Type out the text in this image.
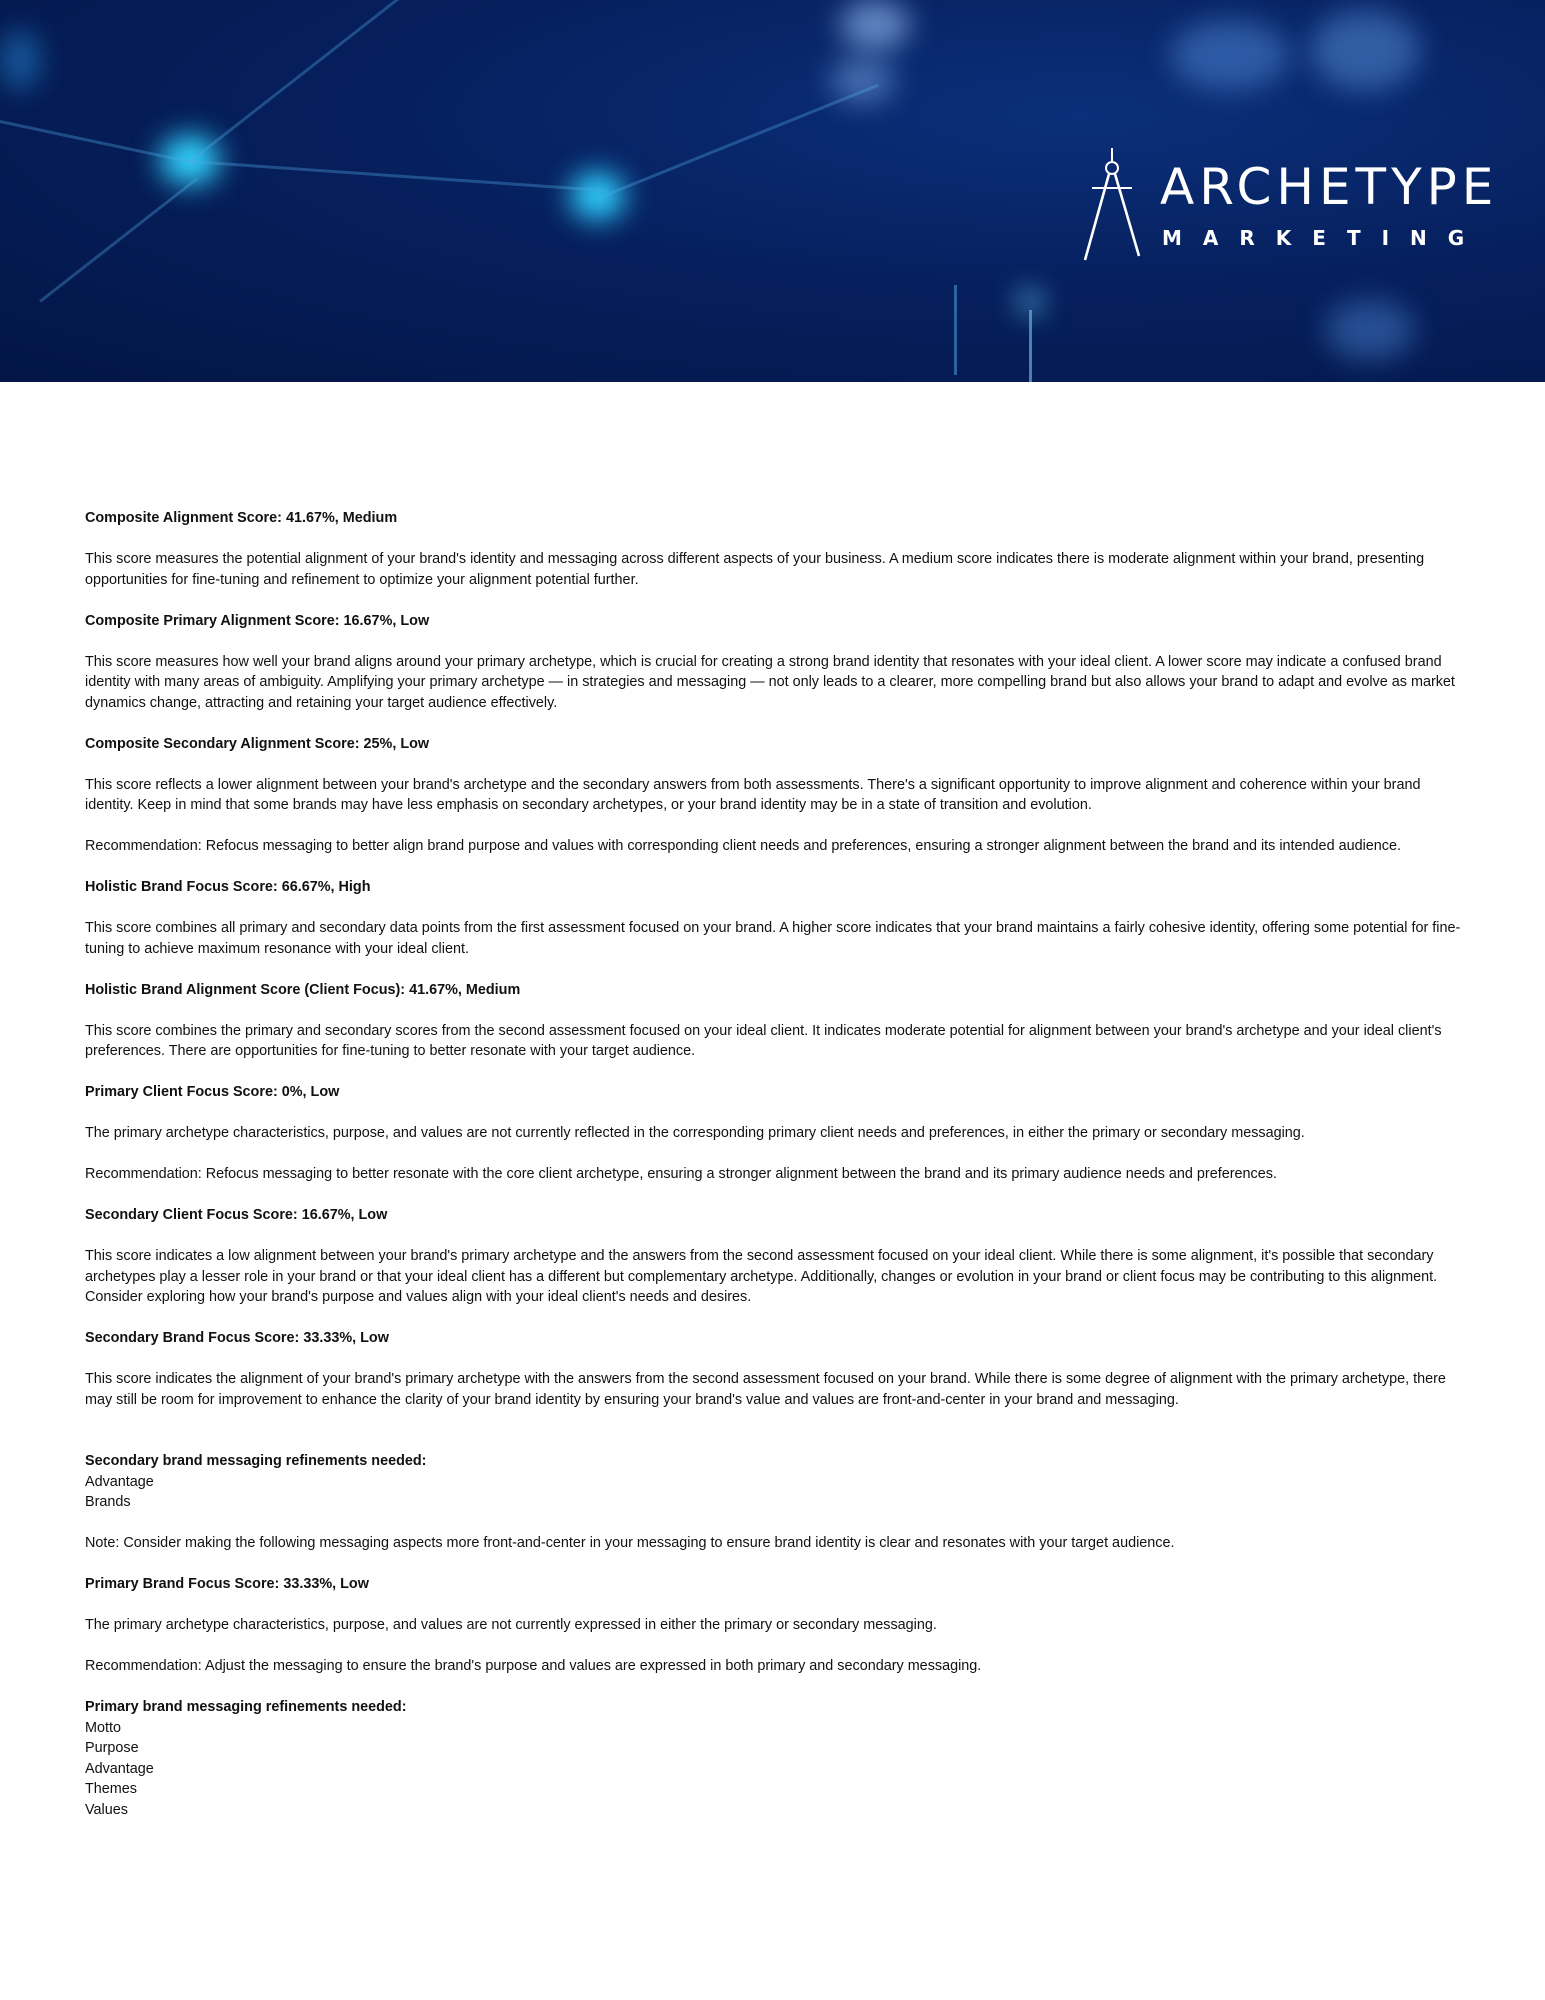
ARCHETYPE
MARKETING
Composite Alignment Score: 41.67%, Medium

This score measures the potential alignment of your brand's identity and messaging across different aspects of your business. A medium score indicates there is moderate alignment within your brand, presenting opportunities for fine-tuning and refinement to optimize your alignment potential further.

Composite Primary Alignment Score: 16.67%, Low

This score measures how well your brand aligns around your primary archetype, which is crucial for creating a strong brand identity that resonates with your ideal client. A lower score may indicate a confused brand identity with many areas of ambiguity. Amplifying your primary archetype — in strategies and messaging — not only leads to a clearer, more compelling brand but also allows your brand to adapt and evolve as market dynamics change, attracting and retaining your target audience effectively.

Composite Secondary Alignment Score: 25%, Low

This score reflects a lower alignment between your brand's archetype and the secondary answers from both assessments. There's a significant opportunity to improve alignment and coherence within your brand identity. Keep in mind that some brands may have less emphasis on secondary archetypes, or your brand identity may be in a state of transition and evolution.

Recommendation: Refocus messaging to better align brand purpose and values with corresponding client needs and preferences, ensuring a stronger alignment between the brand and its intended audience.

Holistic Brand Focus Score: 66.67%, High

This score combines all primary and secondary data points from the first assessment focused on your brand. A higher score indicates that your brand maintains a fairly cohesive identity, offering some potential for fine-tuning to achieve maximum resonance with your ideal client.

Holistic Brand Alignment Score (Client Focus): 41.67%, Medium

This score combines the primary and secondary scores from the second assessment focused on your ideal client. It indicates moderate potential for alignment between your brand's archetype and your ideal client's preferences. There are opportunities for fine-tuning to better resonate with your target audience.

Primary Client Focus Score: 0%, Low

The primary archetype characteristics, purpose, and values are not currently reflected in the corresponding primary client needs and preferences, in either the primary or secondary messaging.

Recommendation: Refocus messaging to better resonate with the core client archetype, ensuring a stronger alignment between the brand and its primary audience needs and preferences.

Secondary Client Focus Score: 16.67%, Low

This score indicates a low alignment between your brand's primary archetype and the answers from the second assessment focused on your ideal client. While there is some alignment, it's possible that secondary archetypes play a lesser role in your brand or that your ideal client has a different but complementary archetype. Additionally, changes or evolution in your brand or client focus may be contributing to this alignment. Consider exploring how your brand's purpose and values align with your ideal client's needs and desires.

Secondary Brand Focus Score: 33.33%, Low

This score indicates the alignment of your brand's primary archetype with the answers from the second assessment focused on your brand. While there is some degree of alignment with the primary archetype, there may still be room for improvement to enhance the clarity of your brand identity by ensuring your brand's value and values are front-and-center in your brand and messaging.

Secondary brand messaging refinements needed:
Advantage
Brands

Note: Consider making the following messaging aspects more front-and-center in your messaging to ensure brand identity is clear and resonates with your target audience.

Primary Brand Focus Score: 33.33%, Low

The primary archetype characteristics, purpose, and values are not currently expressed in either the primary or secondary messaging.

Recommendation: Adjust the messaging to ensure the brand's purpose and values are expressed in both primary and secondary messaging.

Primary brand messaging refinements needed:
Motto
Purpose
Advantage
Themes
Values
